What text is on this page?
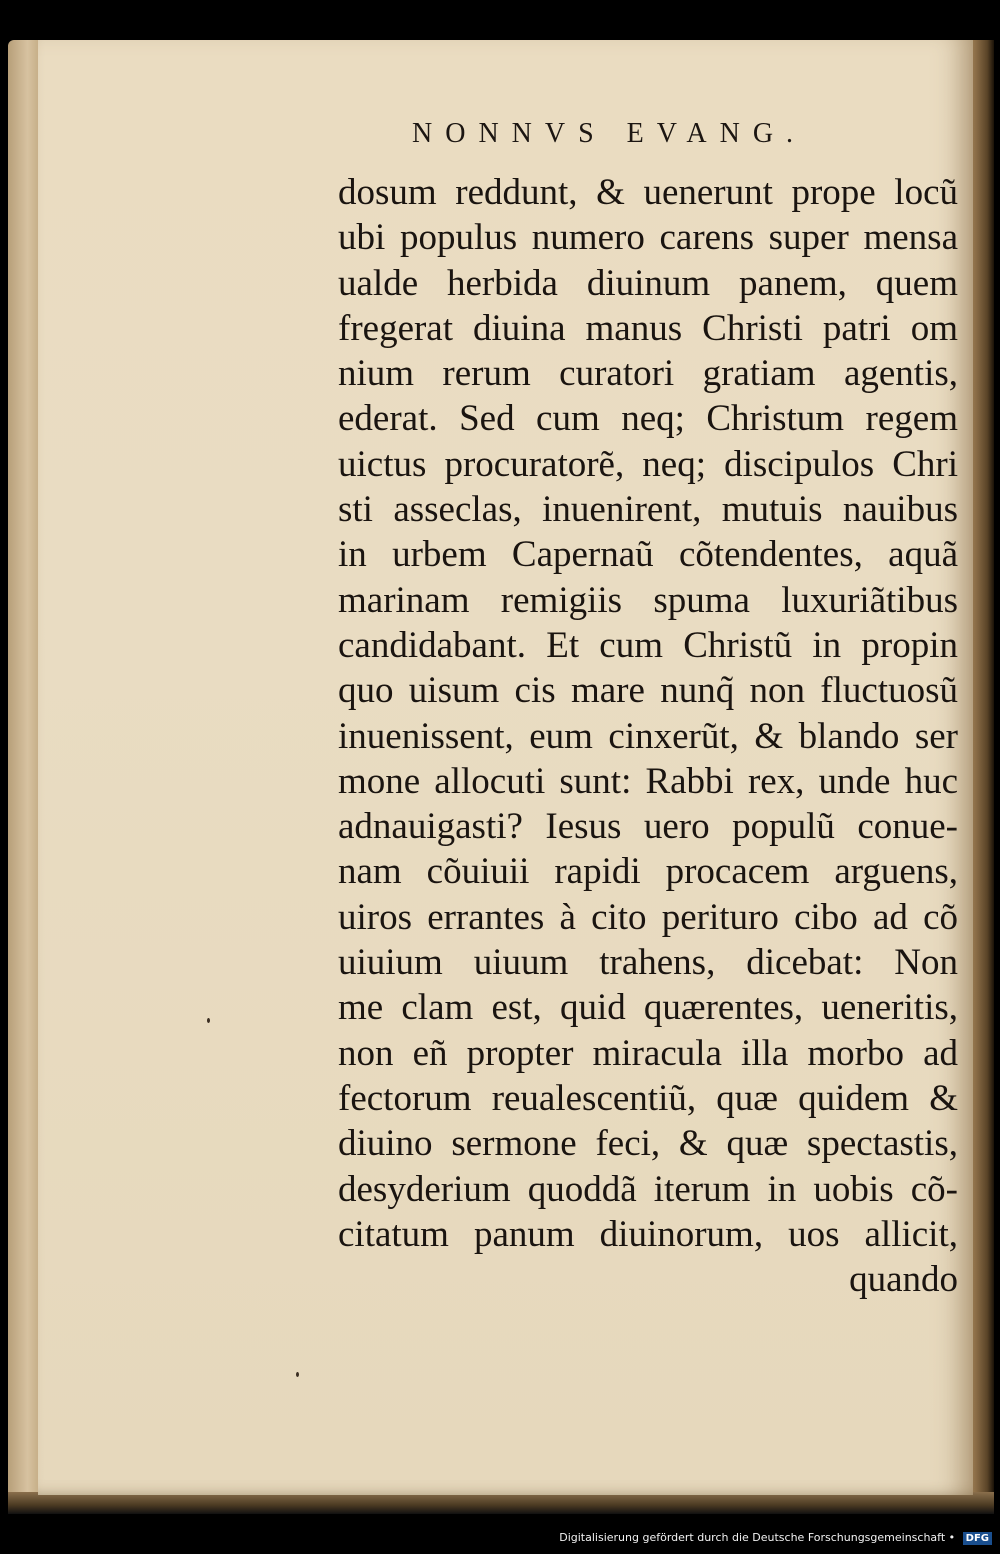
NONNVS EVANG.
dosum reddunt, & uenerunt prope locũ
ubi populus numero carens super mensa
ualde herbida diuinum panem, quem
fregerat diuina manus Christi patri om
nium rerum curatori gratiam agentis,
ederat. Sed cum neq; Christum regem
uictus procuratorẽ, neq; discipulos Chri
sti asseclas, inuenirent, mutuis nauibus
in urbem Capernaũ cõtendentes, aquã
marinam remigiis spuma luxuriãtibus
candidabant. Et cum Christũ in propin
quo uisum cis mare nunq̃ non fluctuosũ
inuenissent, eum cinxerũt, & blando ser
mone allocuti sunt: Rabbi rex, unde huc
adnauigasti? Iesus uero populũ conue-
nam cõuiuii rapidi procacem arguens,
uiros errantes à cito perituro cibo ad cõ
uiuium uiuum trahens, dicebat: Non
me clam est, quid quærentes, ueneritis,
non eñ propter miracula illa morbo ad
fectorum reualescentiũ, quæ quidem &
diuino sermone feci, & quæ spectastis,
desyderium quoddã iterum in uobis cõ-
citatum panum diuinorum, uos allicit,
quando
Digitalisierung gefördert durch die Deutsche Forschungsgemeinschaft • DFG
